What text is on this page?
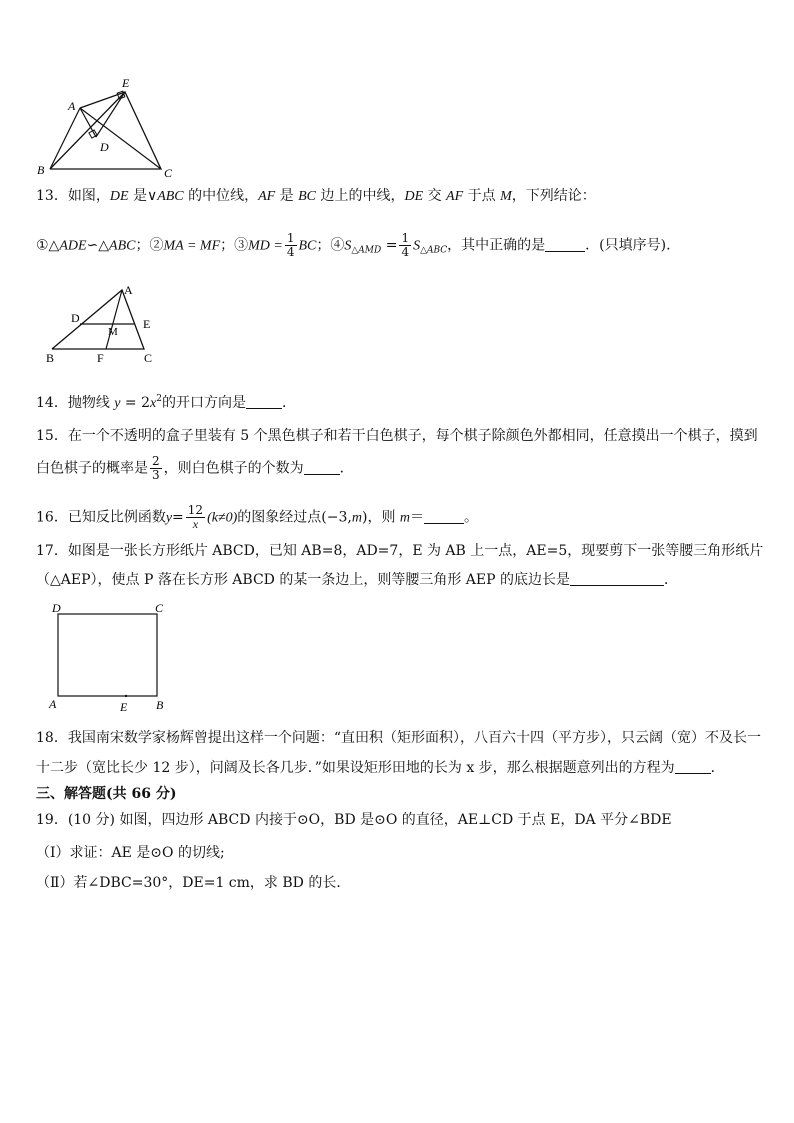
E
A
D
B	C
13．如图，DE 是∨ABC 的中位线，AF 是 BC 边上的中线，DE 交 AF 于点 M，下列结论：
①△ADE∽△ABC；②MA = MF；③MD = $\frac{1}{4}$ BC；$④S_{\triangle AMD} = \frac{1}{4} S_{\triangle ABC}$，其中正确的是	．(只填序号).
A
D
M
E
B	F	C
14．抛物线 $y = 2x^2$的开口方向是	．
15．在一个不透明的盒子里装有 5 个黑色棋子和若干白色棋子，每个棋子除颜色外都相同，任意摸出一个棋子，摸到
白色棋子的概率是 $\frac{2}{3}$ ，则白色棋子的个数为	．
16．已知反比例函数$y= \frac{12}{x} (k\ne 0)$的图象经过点(−3,m)，则 m＝	。
17．如图是一张长方形纸片 ABCD，已知 AB=8，AD=7，E 为 AB 上一点，AE=5，现要剪下一张等腰三角形纸片
（△AEP），使点 P 落在长方形 ABCD 的某一条边上，则等腰三角形 AEP 的底边长是	．
D	C
A	E B
18．我国南宋数学家杨辉曾提出这样一个问题：“直田积（矩形面积），八百六十四（平方步），只云阔（宽）不及长一
十二步（宽比长少 12 步），问阔及长各几步．”如果设矩形田地的长为 x 步，那么根据题意列出的方程为	．
三、解答题(共 66 分)
19．(10 分) 如图，四边形 ABCD 内接于⊙O，BD 是⊙O 的直径，AE⊥CD 于点 E，DA 平分∠BDE
（Ⅰ）求证：AE 是⊙O 的切线;
（Ⅱ）若∠DBC=30°，DE=1 cm，求 BD 的长．
